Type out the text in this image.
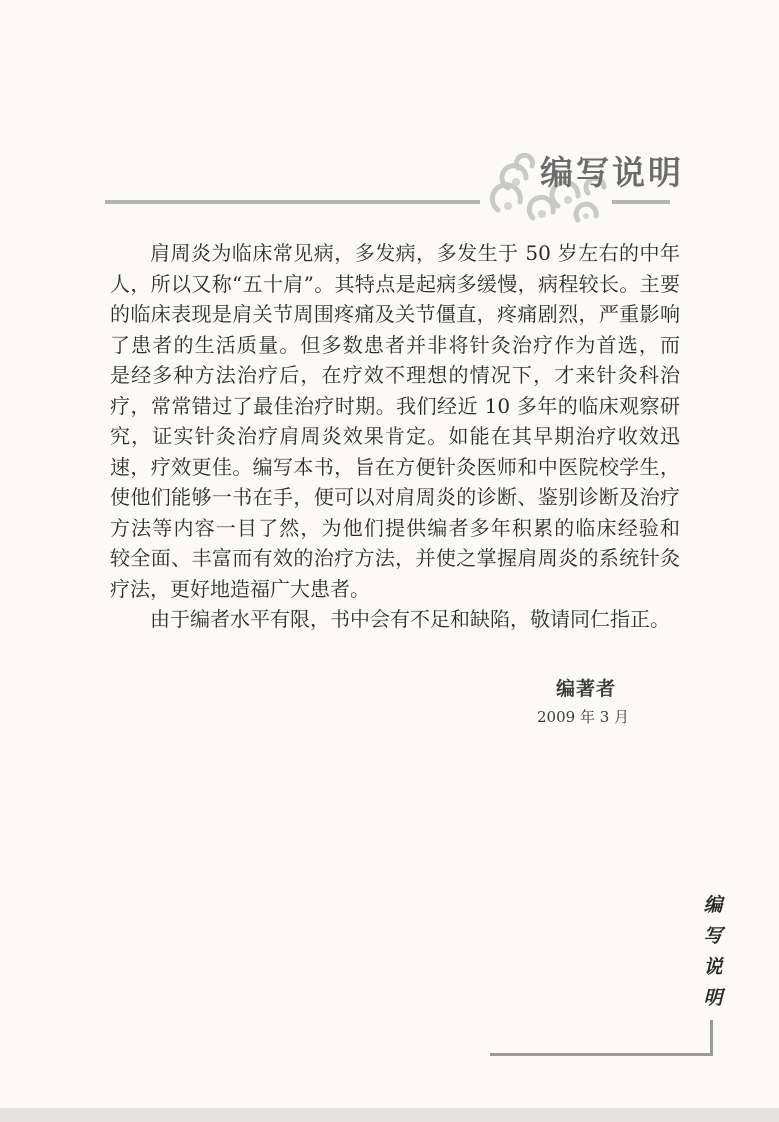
编写说明

肩周炎为临床常见病，多发病，多发生于 50 岁左右的中年
人，所以又称“五十肩”。其特点是起病多缓慢，病程较长。主要
的临床表现是肩关节周围疼痛及关节僵直，疼痛剧烈，严重影响
了患者的生活质量。但多数患者并非将针灸治疗作为首选，而
是经多种方法治疗后，在疗效不理想的情况下，才来针灸科治
疗，常常错过了最佳治疗时期。我们经近 10 多年的临床观察研
究，证实针灸治疗肩周炎效果肯定。如能在其早期治疗收效迅
速，疗效更佳。编写本书，旨在方便针灸医师和中医院校学生，
使他们能够一书在手，便可以对肩周炎的诊断、鉴别诊断及治疗
方法等内容一目了然，为他们提供编者多年积累的临床经验和
较全面、丰富而有效的治疗方法，并使之掌握肩周炎的系统针灸
疗法，更好地造福广大患者。

由于编者水平有限，书中会有不足和缺陷，敬请同仁指正。

编著者
2009 年 3 月
编
写
说
明
